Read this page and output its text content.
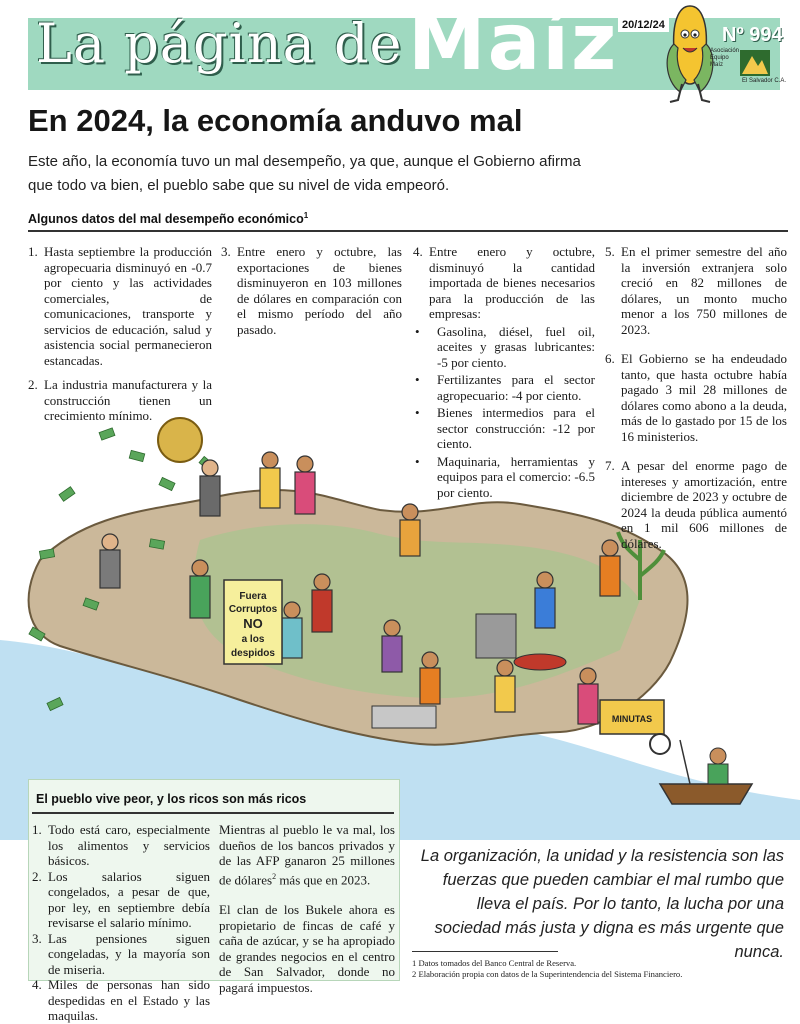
La página de Maíz 20/12/24	Nº 994
El Salvador C.A.
Asociación Equipo Maíz
En 2024, la economía anduvo mal
Este año, la economía tuvo un mal desempeño, ya que, aunque el Gobierno afirma que todo va bien, el pueblo sabe que su nivel de vida empeoró.
Algunos datos del mal desempeño económico$^1$
Fuera
Corruptos
NO
a los
despidos
MINUTAS
1. Hasta septiembre la producción agropecuaria disminuyó en -0.7 por ciento y las actividades comerciales, de comunicaciones, transporte y servicios de educación, salud y asistencia social permanecieron estancadas.
2. La industria manufacturera y la construcción tienen un crecimiento mínimo.
3. Entre enero y octubre, las exportaciones de bienes disminuyeron en 103 millones de dólares en comparación con el mismo período del año pasado.
4. Entre enero y octubre, disminuyó la cantidad importada de bienes necesarios para la producción de las empresas:
•	Gasolina, diésel, fuel oil, aceites y grasas lubricantes: -5 por ciento.
•	Fertilizantes para el sector agropecuario: -4 por ciento.
•	Bienes intermedios para el sector construcción: -12 por ciento.
•	Maquinaria, herramientas y equipos para el comercio: -6.5 por ciento.
5. En el primer semestre del año la inversión extranjera solo creció en 82 millones de dólares, un monto mucho menor a los 750 millones de 2023.
6. El Gobierno se ha endeudado tanto, que hasta octubre había pagado 3 mil 28 millones de dólares como abono a la deuda, más de lo gastado por 15 de los 16 ministerios.
7. A pesar del enorme pago de intereses y amortización, entre diciembre de 2023 y octubre de 2024 la deuda pública aumentó en 1 mil 606 millones de dólares.
El pueblo vive peor, y los ricos son más ricos
1. Todo está caro, especialmente los alimentos y servicios básicos.
2. Los salarios siguen congelados, a pesar de que, por ley, en septiembre debía revisarse el salario mínimo.
3. Las pensiones siguen congeladas, y la mayoría son de miseria.
4. Miles de personas han sido despedidas en el Estado y las maquilas.
Mientras al pueblo le va mal, los dueños de los bancos privados y de las AFP ganaron 25 millones de dólares$^2$ más que en 2023.
El clan de los Bukele ahora es propietario de fincas de café y caña de azúcar, y se ha apropiado de grandes negocios en el centro de San Salvador, donde no pagará impuestos.
La organización, la unidad y la resistencia son las fuerzas que pueden cambiar el mal rumbo que lleva el país. Por lo tanto, la lucha por una sociedad más justa y digna es más urgente que nunca.
1 Datos tomados del Banco Central de Reserva.
2 Elaboración propia con datos de la Superintendencia del Sistema Financiero.
